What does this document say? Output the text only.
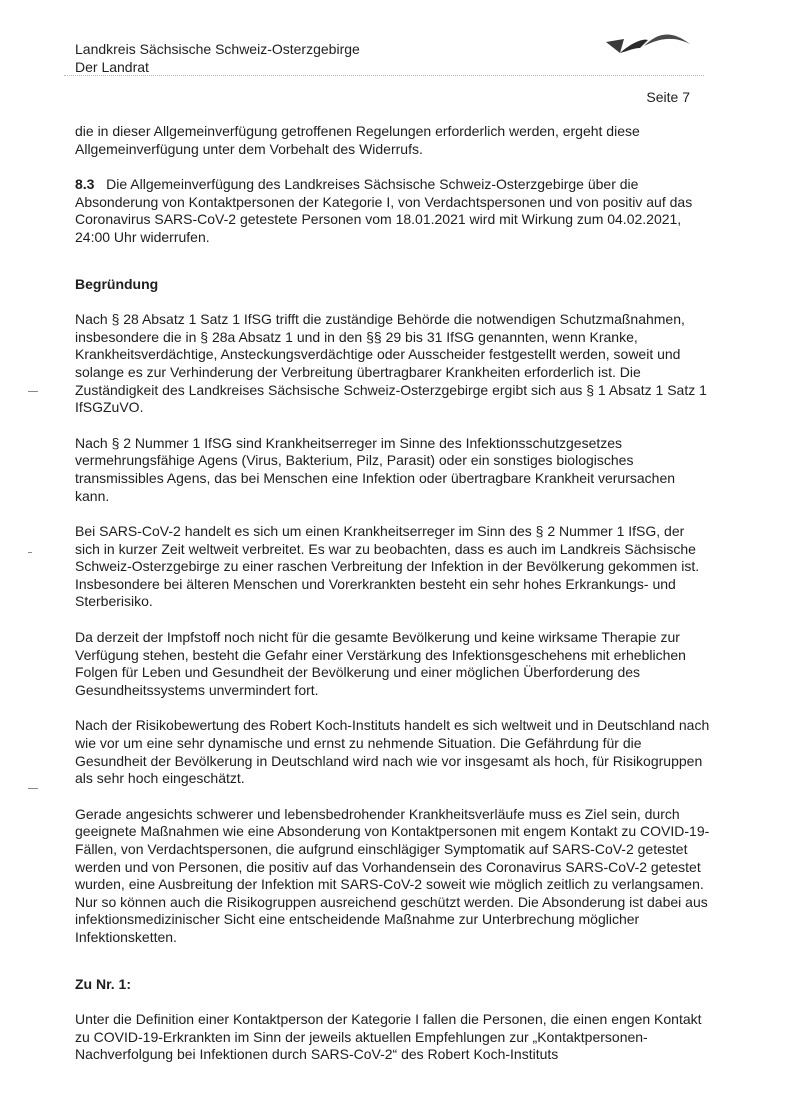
Landkreis Sächsische Schweiz-Osterzgebirge
Der Landrat
Seite 7

die in dieser Allgemeinverfügung getroffenen Regelungen erforderlich werden, ergeht diese Allgemeinverfügung unter dem Vorbehalt des Widerrufs.

8.3 Die Allgemeinverfügung des Landkreises Sächsische Schweiz-Osterzgebirge über die Absonderung von Kontaktpersonen der Kategorie I, von Verdachtspersonen und von positiv auf das Coronavirus SARS-CoV-2 getestete Personen vom 18.01.2021 wird mit Wirkung zum 04.02.2021, 24:00 Uhr widerrufen.

Begründung

Nach § 28 Absatz 1 Satz 1 IfSG trifft die zuständige Behörde die notwendigen Schutzmaßnahmen, insbesondere die in § 28a Absatz 1 und in den §§ 29 bis 31 IfSG genannten, wenn Kranke, Krankheitsverdächtige, Ansteckungsverdächtige oder Ausscheider festgestellt werden, soweit und solange es zur Verhinderung der Verbreitung übertragbarer Krankheiten erforderlich ist. Die Zuständigkeit des Landkreises Sächsische Schweiz-Osterzgebirge ergibt sich aus § 1 Absatz 1 Satz 1 IfSGZuVO.

Nach § 2 Nummer 1 IfSG sind Krankheitserreger im Sinne des Infektionsschutzgesetzes vermehrungsfähige Agens (Virus, Bakterium, Pilz, Parasit) oder ein sonstiges biologisches transmissibles Agens, das bei Menschen eine Infektion oder übertragbare Krankheit verursachen kann.

Bei SARS-CoV-2 handelt es sich um einen Krankheitserreger im Sinn des § 2 Nummer 1 IfSG, der sich in kurzer Zeit weltweit verbreitet. Es war zu beobachten, dass es auch im Landkreis Sächsische Schweiz-Osterzgebirge zu einer raschen Verbreitung der Infektion in der Bevölkerung gekommen ist. Insbesondere bei älteren Menschen und Vorerkrankten besteht ein sehr hohes Erkrankungs- und Sterberisiko.

Da derzeit der Impfstoff noch nicht für die gesamte Bevölkerung und keine wirksame Therapie zur Verfügung stehen, besteht die Gefahr einer Verstärkung des Infektionsgeschehens mit erheblichen Folgen für Leben und Gesundheit der Bevölkerung und einer möglichen Überforderung des Gesundheitssystems unvermindert fort.

Nach der Risikobewertung des Robert Koch-Instituts handelt es sich weltweit und in Deutschland nach wie vor um eine sehr dynamische und ernst zu nehmende Situation. Die Gefährdung für die Gesundheit der Bevölkerung in Deutschland wird nach wie vor insgesamt als hoch, für Risikogruppen als sehr hoch eingeschätzt.

Gerade angesichts schwerer und lebensbedrohender Krankheitsverläufe muss es Ziel sein, durch geeignete Maßnahmen wie eine Absonderung von Kontaktpersonen mit engem Kontakt zu COVID-19-Fällen, von Verdachtspersonen, die aufgrund einschlägiger Symptomatik auf SARS-CoV-2 getestet werden und von Personen, die positiv auf das Vorhandensein des Coronavirus SARS-CoV-2 getestet wurden, eine Ausbreitung der Infektion mit SARS-CoV-2 soweit wie möglich zeitlich zu verlangsamen. Nur so können auch die Risikogruppen ausreichend geschützt werden. Die Absonderung ist dabei aus infektionsmedizinischer Sicht eine entscheidende Maßnahme zur Unterbrechung möglicher Infektionsketten.

Zu Nr. 1:

Unter die Definition einer Kontaktperson der Kategorie I fallen die Personen, die einen engen Kontakt zu COVID-19-Erkrankten im Sinn der jeweils aktuellen Empfehlungen zur „Kontaktpersonen-Nachverfolgung bei Infektionen durch SARS-CoV-2“ des Robert Koch-Instituts
